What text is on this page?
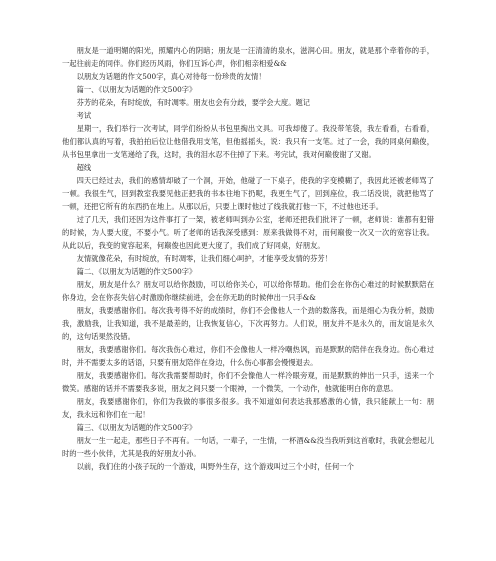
朋友是一道明媚的阳光，照耀内心的阴暗；朋友是一汪清清的泉水，滋润心田。朋友，就是那个牵着你的手，一起往前走的同伴。你们经历风雨，你们互诉心声，你们相亲相爱&&

以朋友为话题的作文500字，真心对待每一份珍贵的友情！

篇一、《以朋友为话题的作文500字》

芬芳的花朵，有时绽放，有时凋零。朋友也会有分歧，要学会大度。题记

考试

星期一，我们举行一次考试，同学们纷纷从书包里掏出文具。可我却傻了。我没带笔袋，我左看看，右看看，他们都认真的写着，我拍拍后位让他借我用支笔，但他摇摇头，说：我只有一支笔。过了一会，我的同桌何巅俊，从书包里拿出一支笔递给了我，这时，我的泪水忍不住掉了下来。考完试，我对何巅俊谢了又谢。

超线

四天已经过去，我们的感情却破了一个洞，开始，他碰了一下桌子，使我的字变模糊了，我因此还被老师骂了一顿。我很生气，回到教室我要见他正把我的书本往地下扔呢，我更生气了，回到座位，我二话没说，就把他骂了一顿，还把它所有的东西扔在地上。从那以后，只要上课时他过了线我就打他一下，不过他也还手。

过了几天，我们还因为这件事打了一架，被老师叫到办公室，老师还把我们批评了一顿，老师说：谁都有犯错的时候，为人要大度，不要小气。听了老师的话我深受感到：原来我做得不对，而何巅俊一次又一次的宽容让我。从此以后，我变的宽容起来，何巅俊也因此更大度了，我们成了好同桌，好朋友。

友情就像花朵，有时绽放，有时凋零，让我们细心呵护，才能享受友情的芬芳！

篇二、《以朋友为话题的作文500字》

朋友，朋友是什么？朋友可以给你鼓励，可以给你关心，可以给你帮助。他们会在你伤心难过的时候默默陪在你身边，会在你丧失信心时激励你继续前进，会在你无助的时候伸出一只手&&

朋友，我要感谢你们。每次我考得不好的成绩时，你们不会像他人一个劲的数落我，而是细心为我分析，鼓励我，激励我，让我知道，我不是最差的，让我恢复信心，下次再努力。人们说，朋友并不是永久的，而友谊是永久的，这句话果然没错。

朋友，我要感谢你们。每次我伤心难过，你们不会像他人一样冷嘲热讽，而是默默的陪伴在我身边。伤心难过时，并不需要太多的话语，只要有朋友陪伴在身边，什么伤心事都会慢慢退去。

朋友，我要感谢你们。每次我需要帮助时，你们不会像他人一样冷眼旁观，而是默默的伸出一只手，送来一个微笑。感谢的话并不需要我多说，朋友之间只要一个眼神，一个微笑，一个动作，他就能明白你的意思。

朋友，我要感谢你们，你们为我做的事很多很多。我不知道如何表达我那感激的心情，我只能献上一句：朋友，我永远和你们在一起！

篇三、《以朋友为话题的作文500字》

朋友一生一起走，那些日子不再有。一句话，一辈子，一生情，一杯酒&&没当我听到这首歌时，我就会想起儿时的一些小伙伴，尤其是我的好朋友小孙。

以前，我们住的小孩子玩的一个游戏，叫野外生存，这个游戏叫过三个小时，任何一个
